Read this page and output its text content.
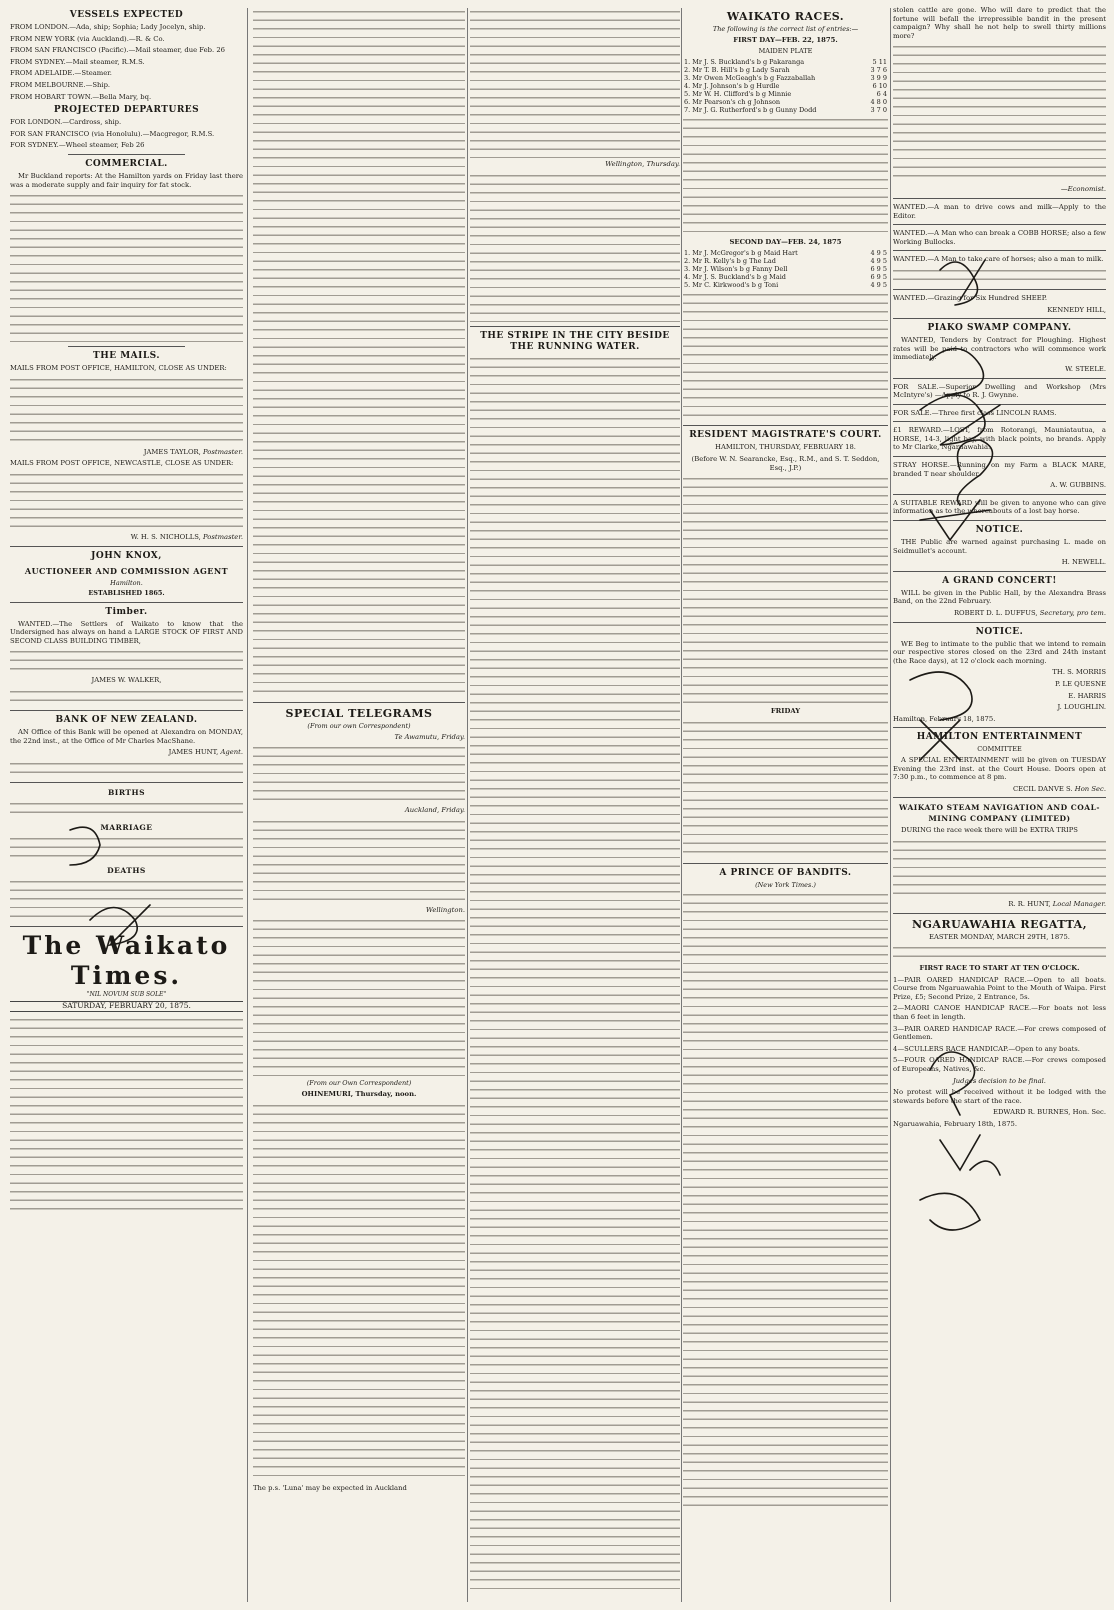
VESSELS EXPECTED
FROM LONDON.—Ada, ship; Sophia; Lady Jocelyn, ship.
FROM NEW YORK (via Auckland).—R. & Co.
FROM SAN FRANCISCO (Pacific).—Mail steamer, due Feb. 26
FROM SYDNEY.—Mail steamer, R.M.S.
FROM ADELAIDE.—Steamer.
FROM MELBOURNE.—Ship.
FROM HOBART TOWN.—Bella Mary, bq.
PROJECTED DEPARTURES
FOR LONDON.—Cardross, ship.
FOR SAN FRANCISCO (via Honolulu).—Macgregor, R.M.S.
FOR SYDNEY.—Wheel steamer, Feb 26
COMMERCIAL.
Mr Buckland reports: At the Hamilton yards on Friday last there was a moderate supply and fair inquiry for fat stock.
THE MAILS.
MAILS FROM POST OFFICE, HAMILTON, CLOSE AS UNDER:
JAMES TAYLOR, Postmaster.
MAILS FROM POST OFFICE, NEWCASTLE, CLOSE AS UNDER:
W. H. S. NICHOLLS, Postmaster.
JOHN KNOX,
AUCTIONEER AND COMMISSION AGENT
Hamilton.
ESTABLISHED 1865.
Timber.
WANTED.—The Settlers of Waikato to know that the Undersigned has always on hand a LARGE STOCK OF FIRST AND SECOND CLASS BUILDING TIMBER,
JAMES W. WALKER,
BANK OF NEW ZEALAND.
AN Office of this Bank will be opened at Alexandra on MONDAY, the 22nd inst., at the Office of Mr Charles MacShane.
JAMES HUNT, Agent.
BIRTHS
MARRIAGE
DEATHS
The Waikato Times.
"NIL NOVUM SUB SOLE"
SATURDAY, FEBRUARY 20, 1875.
SPECIAL TELEGRAMS
(From our own Correspondent)
Te Awamutu, Friday.
Auckland, Friday.
Wellington.
(From our Own Correspondent)
OHINEMURI, Thursday, noon.
The p.s. 'Luna' may be expected in Auckland
Wellington, Thursday.
THE STRIPE IN THE CITY BESIDE THE RUNNING WATER.
WAIKATO RACES.
The following is the correct list of entries:—
FIRST DAY—FEB. 22, 1875.
MAIDEN PLATE
1. Mr J. S. Buckland's b g Pakaranga	5 11
2. Mr T. B. Hill's b g Lady Sarah	3 7 6
3. Mr Owen McGeagh's b g Fazzaballah	3 9 9
4. Mr J. Johnson's b g Hurdle	6 10
5. Mr W. H. Clifford's b g Minnie	6 4
6. Mr Pearson's ch g Johnson	4 8 0
7. Mr J. G. Rutherford's b g Gunny Dodd	3 7 0
SECOND DAY—FEB. 24, 1875
1. Mr J. McGregor's b g Maid Hart	4 9 5
2. Mr R. Kelly's b g The Lad	4 9 5
3. Mr J. Wilson's b g Fanny Dell	6 9 5
4. Mr J. S. Buckland's b g Maid	6 9 5
5. Mr C. Kirkwood's b g Toni	4 9 5
RESIDENT MAGISTRATE'S COURT.
HAMILTON, THURSDAY, FEBRUARY 18.
(Before W. N. Searancke, Esq., R.M., and S. T. Seddon, Esq., J.P.)
FRIDAY
A PRINCE OF BANDITS.
(New York Times.)
stolen cattle are gone. Who will dare to predict that the fortune will befall the irrepressible bandit in the present campaign? Why shall he not help to swell thirty millions more?
—Economist.
WANTED.—A man to drive cows and milk—Apply to the Editor.
WANTED.—A Man who can break a COBB HORSE; also a few Working Bullocks.
WANTED.—A Man to take care of horses; also a man to milk.
WANTED.—Grazing for Six Hundred SHEEP.
KENNEDY HILL,
PIAKO SWAMP COMPANY.
WANTED, Tenders by Contract for Ploughing. Highest rates will be paid to contractors who will commence work immediately.
W. STEELE.
FOR SALE.—Superior Dwelling and Workshop (Mrs McIntyre's) —Apply to R. J. Gwynne.
FOR SALE.—Three first class LINCOLN RAMS.
£1 REWARD.—LOST, from Rotorangi, Mauniatautua, a HORSE, 14-3, light bay, with black points, no brands. Apply to Mr Clarke, Ngaruawahia.
STRAY HORSE.—Running on my Farm a BLACK MARE, branded T near shoulder.
A. W. GUBBINS.
A SUITABLE REWARD will be given to anyone who can give information as to the whereabouts of a lost bay horse.
NOTICE.
THE Public are warned against purchasing L. made on Seidmullet's account.
H. NEWELL.
A GRAND CONCERT!
WILL be given in the Public Hall, by the Alexandra Brass Band, on the 22nd February.
ROBERT D. L. DUFFUS, Secretary, pro tem.
NOTICE.
WE Beg to intimate to the public that we intend to remain our respective stores closed on the 23rd and 24th instant (the Race days), at 12 o'clock each morning.
TH. S. MORRIS
P. LE QUESNE
E. HARRIS
J. LOUGHLIN.
Hamilton, February 18, 1875.
HAMILTON ENTERTAINMENT
COMMITTEE
A SPECIAL ENTERTAINMENT will be given on TUESDAY Evening the 23rd inst. at the Court House. Doors open at 7:30 p.m., to commence at 8 pm.
CECIL DANVE S. Hon Sec.
WAIKATO STEAM NAVIGATION AND COAL-MINING COMPANY (LIMITED)
DURING the race week there will be EXTRA TRIPS
R. R. HUNT, Local Manager.
NGARUAWAHIA REGATTA,
EASTER MONDAY, MARCH 29TH, 1875.
FIRST RACE TO START AT TEN O'CLOCK.
1—PAIR OARED HANDICAP RACE.—Open to all boats. Course from Ngaruawahia Point to the Mouth of Waipa. First Prize, £5; Second Prize, 2 Entrance, 5s.
2—MAORI CANOE HANDICAP RACE.—For boats not less than 6 feet in length.
3—PAIR OARED HANDICAP RACE.—For crews composed of Gentlemen.
4—SCULLERS RACE HANDICAP.—Open to any boats.
5—FOUR OARED HANDICAP RACE.—For crews composed of Europeans, Natives, &c.
Judges decision to be final.
No protest will be received without it be lodged with the stewards before the start of the race.
EDWARD R. BURNES, Hon. Sec.
Ngaruawahia, February 18th, 1875.
